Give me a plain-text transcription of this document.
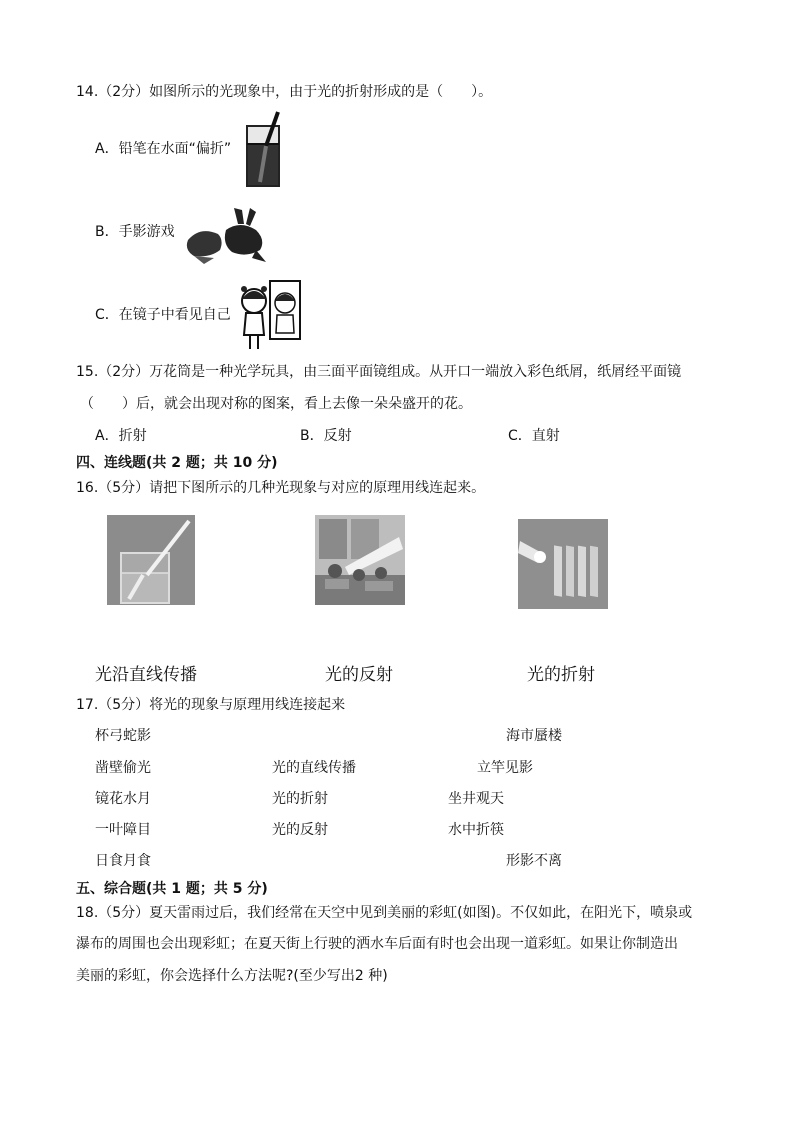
14.（2分）如图所示的光现象中，由于光的折射形成的是（　　）。
A．铅笔在水面“偏折”
B．手影游戏
C．在镜子中看见自己
15.（2分）万花筒是一种光学玩具，由三面平面镜组成。从开口一端放入彩色纸屑，纸屑经平面镜
（　　）后，就会出现对称的图案，看上去像一朵朵盛开的花。
A．折射	B．反射	C．直射
四、连线题(共 2 题；共 10 分)
16.（5分）请把下图所示的几种光现象与对应的原理用线连起来。
光沿直线传播	光的反射	光的折射
17.（5分）将光的现象与原理用线连接起来
杯弓蛇影
凿壁偷光
镜花水月
一叶障目
日食月食
光的直线传播
光的折射
光的反射
海市蜃楼
立竿见影
坐井观天
水中折筷
形影不离
五、综合题(共 1 题；共 5 分)
18.（5分）夏天雷雨过后，我们经常在天空中见到美丽的彩虹(如图)。不仅如此，在阳光下，喷泉或
瀑布的周围也会出现彩虹；在夏天街上行驶的洒水车后面有时也会出现一道彩虹。如果让你制造出
美丽的彩虹，你会选择什么方法呢?(至少写出2 种)
